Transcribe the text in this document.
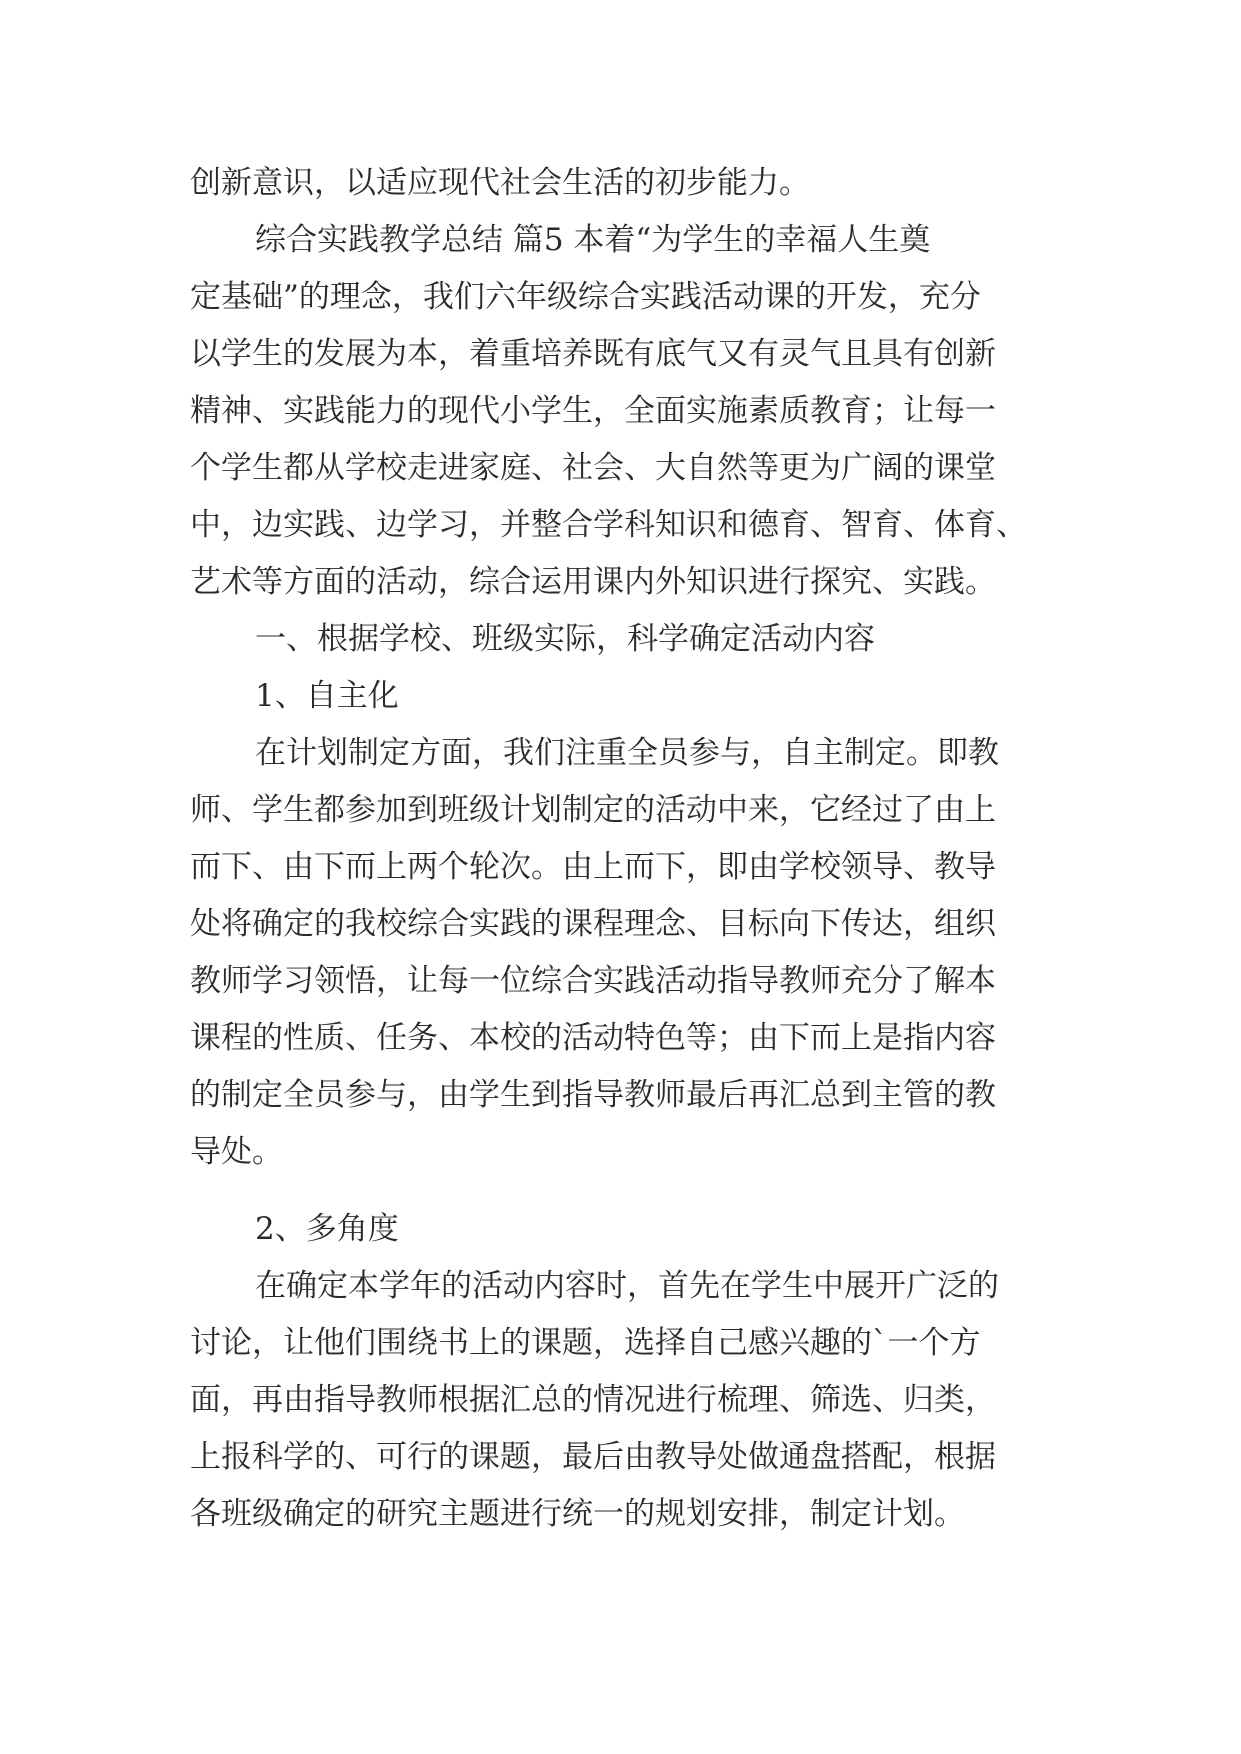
创新意识，以适应现代社会生活的初步能力。
综合实践教学总结 篇5 本着“为学生的幸福人生奠
定基础”的理念，我们六年级综合实践活动课的开发，充分
以学生的发展为本，着重培养既有底气又有灵气且具有创新
精神、实践能力的现代小学生，全面实施素质教育；让每一
个学生都从学校走进家庭、社会、大自然等更为广阔的课堂
中，边实践、边学习，并整合学科知识和德育、智育、体育、
艺术等方面的活动，综合运用课内外知识进行探究、实践。
一、根据学校、班级实际，科学确定活动内容
1、自主化
在计划制定方面，我们注重全员参与，自主制定。即教
师、学生都参加到班级计划制定的活动中来，它经过了由上
而下、由下而上两个轮次。由上而下，即由学校领导、教导
处将确定的我校综合实践的课程理念、目标向下传达，组织
教师学习领悟，让每一位综合实践活动指导教师充分了解本
课程的性质、任务、本校的活动特色等；由下而上是指内容
的制定全员参与，由学生到指导教师最后再汇总到主管的教
导处。
2、多角度
在确定本学年的活动内容时，首先在学生中展开广泛的
讨论，让他们围绕书上的课题，选择自己感兴趣的`一个方
面，再由指导教师根据汇总的情况进行梳理、筛选、归类，
上报科学的、可行的课题，最后由教导处做通盘搭配，根据
各班级确定的研究主题进行统一的规划安排，制定计划。
